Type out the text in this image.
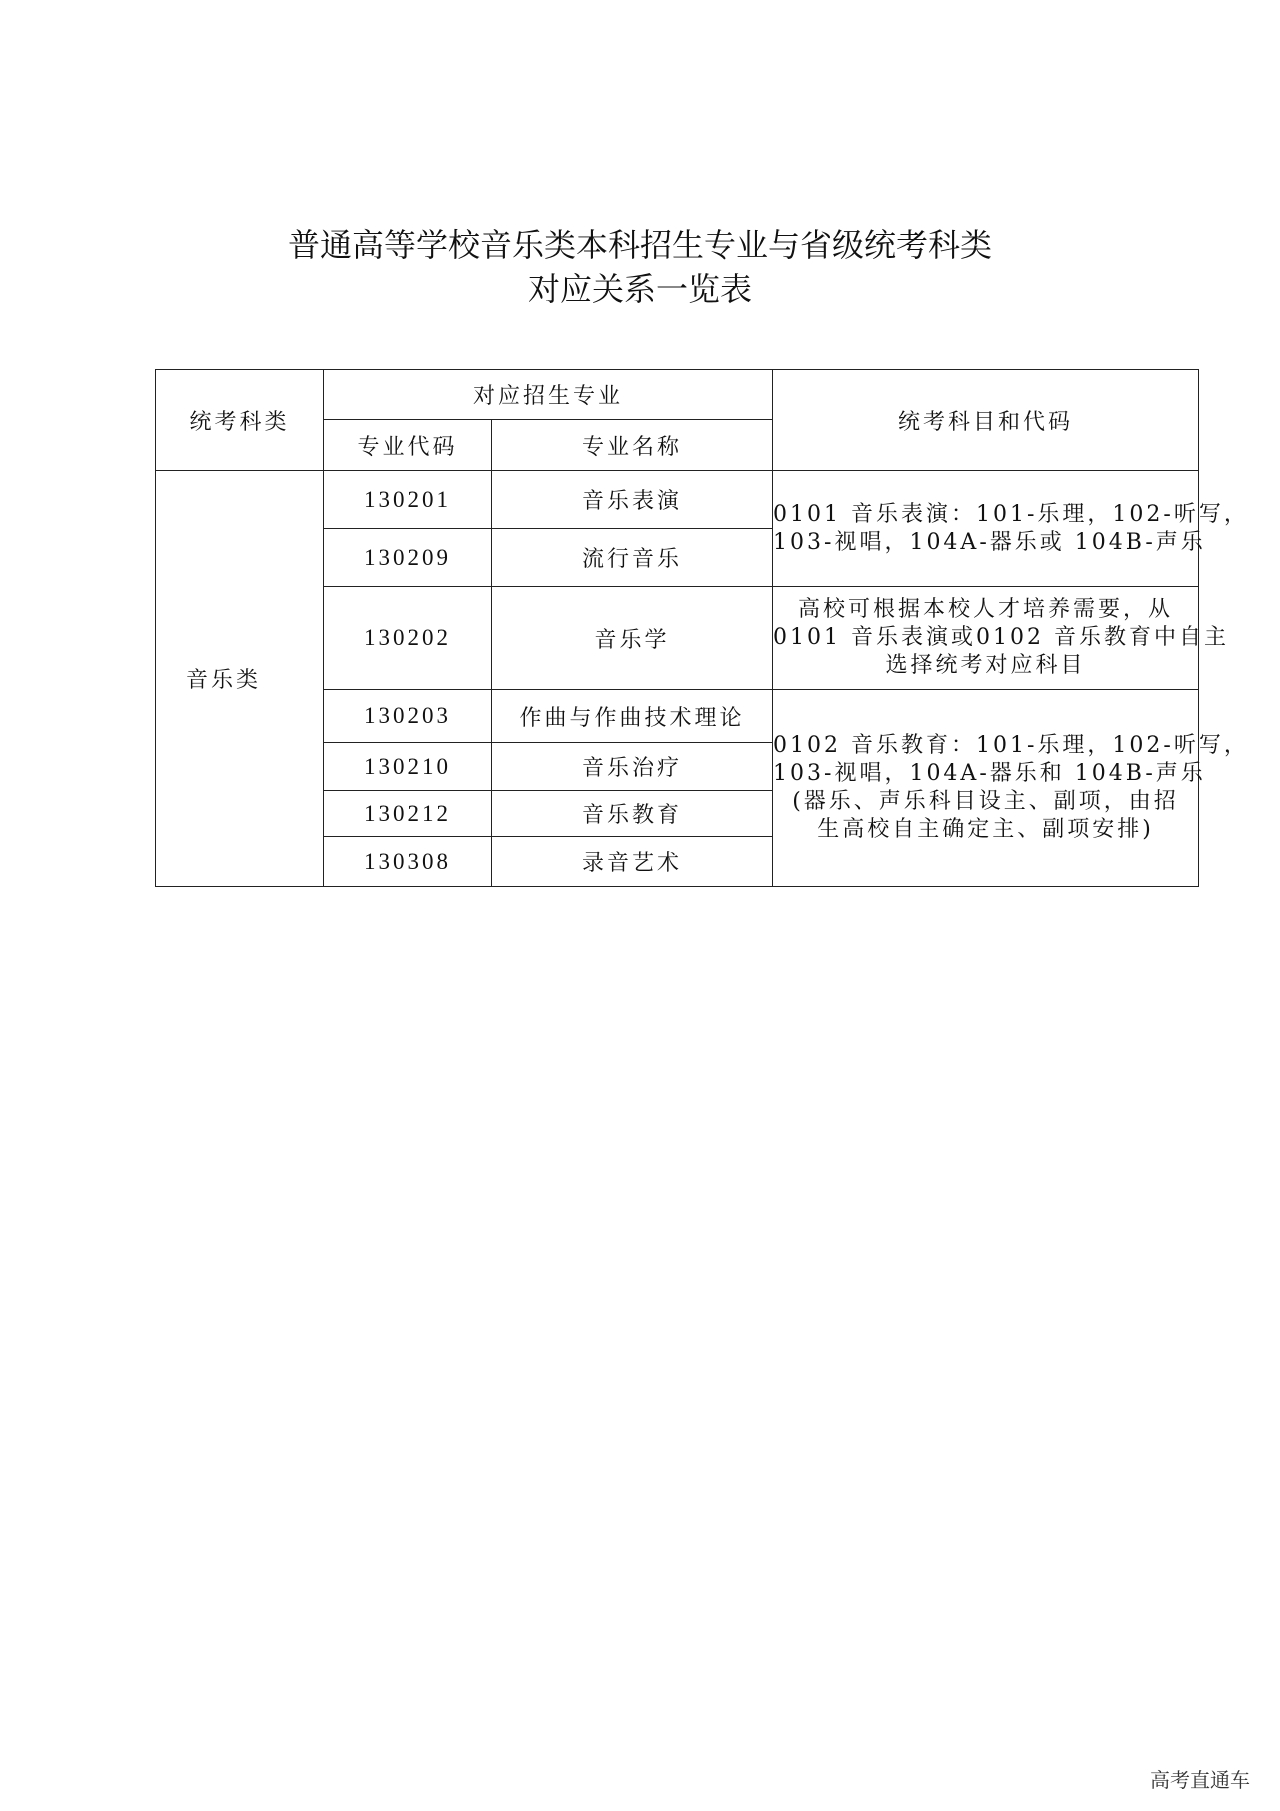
普通高等学校音乐类本科招生专业与省级统考科类
对应关系一览表
统考科类	对应招生专业		统考科目和代码
	专业代码	专业名称	
音乐类	130201	音乐表演	0101 音乐表演：101-乐理，102-听写，
103-视唱，104A-器乐或 104B-声乐

	130209	流行音乐	
	130202	音乐学	高校可根据本校人才培养需要，从
0101 音乐表演或0102 音乐教育中自主
选择统考对应科目

	130203	作曲与作曲技术理论	0102 音乐教育：101-乐理，102-听写，
103-视唱，104A-器乐和 104B-声乐
(器乐、声乐科目设主、副项，由招
生高校自主确定主、副项安排)

	130210	音乐治疗	
	130212	音乐教育	
	130308	录音艺术	
高考直通车
